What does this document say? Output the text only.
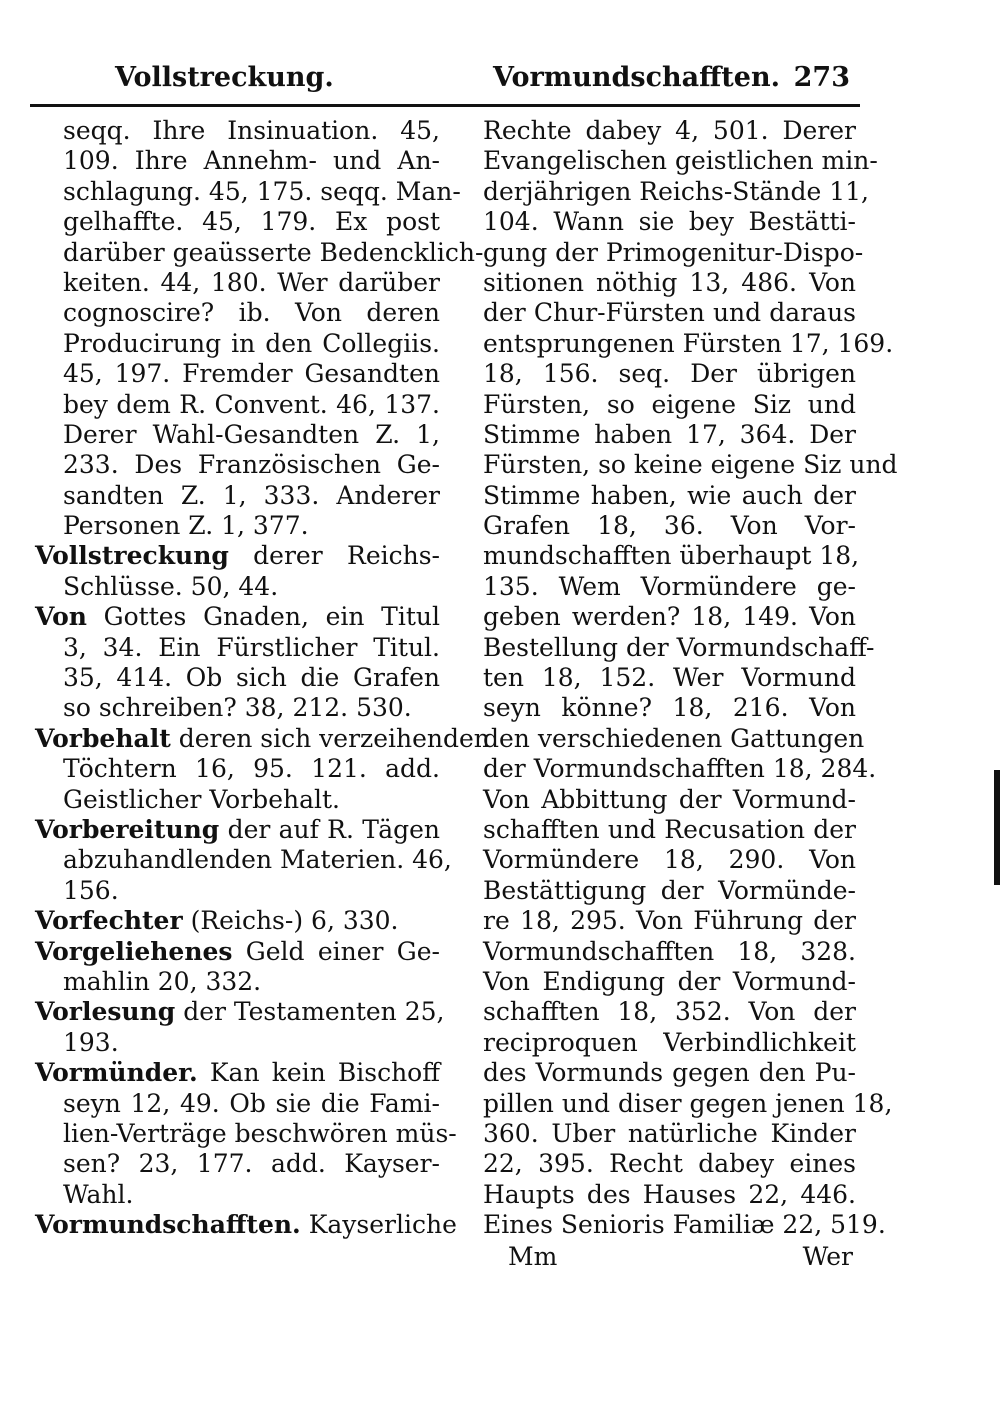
Vollstreckung.	Vormundschafften. 273
seqq. Ihre Insinuation. 45,
109. Ihre Annehm- und An-
schlagung. 45, 175. seqq. Man-
gelhaffte. 45, 179. Ex post
darüber geaüsserte Bedencklich-
keiten. 44, 180. Wer darüber
cognoscire? ib. Von deren
Producirung in den Collegiis.
45, 197. Fremder Gesandten
bey dem R. Convent. 46, 137.
Derer Wahl-Gesandten Z. 1,
233. Des Französischen Ge-
sandten Z. 1, 333. Anderer
Personen Z. 1, 377.
Vollstreckung derer Reichs-
Schlüsse. 50, 44.
Von Gottes Gnaden, ein Titul
3, 34. Ein Fürstlicher Titul.
35, 414. Ob sich die Grafen
so schreiben? 38, 212. 530.
Vorbehalt deren sich verzeihenden
Töchtern 16, 95. 121. add.
Geistlicher Vorbehalt.
Vorbereitung der auf R. Tägen
abzuhandlenden Materien. 46,
156.
Vorfechter (Reichs-) 6, 330.
Vorgeliehenes Geld einer Ge-
mahlin 20, 332.
Vorlesung der Testamenten 25,
193.
Vormünder. Kan kein Bischoff
seyn 12, 49. Ob sie die Fami-
lien-Verträge beschwören müs-
sen? 23, 177. add. Kayser-
Wahl.
Vormundschafften. Kayserliche
Rechte dabey 4, 501. Derer
Evangelischen geistlichen min-
derjährigen Reichs-Stände 11,
104. Wann sie bey Bestätti-
gung der Primogenitur-Dispo-
sitionen nöthig 13, 486. Von
der Chur-Fürsten und daraus
entsprungenen Fürsten 17, 169.
18, 156. seq. Der übrigen
Fürsten, so eigene Siz und
Stimme haben 17, 364. Der
Fürsten, so keine eigene Siz und
Stimme haben, wie auch der
Grafen 18, 36. Von Vor-
mundschafften überhaupt 18,
135. Wem Vormündere ge-
geben werden? 18, 149. Von
Bestellung der Vormundschaff-
ten 18, 152. Wer Vormund
seyn könne? 18, 216. Von
den verschiedenen Gattungen
der Vormundschafften 18, 284.
Von Abbittung der Vormund-
schafften und Recusation der
Vormündere 18, 290. Von
Bestättigung der Vormünde-
re 18, 295. Von Führung der
Vormundschafften 18, 328.
Von Endigung der Vormund-
schafften 18, 352. Von der
reciproquen Verbindlichkeit
des Vormunds gegen den Pu-
pillen und diser gegen jenen 18,
360. Uber natürliche Kinder
22, 395. Recht dabey eines
Haupts des Hauses 22, 446.
Eines Senioris Familiæ 22, 519.
Mm	Wer
